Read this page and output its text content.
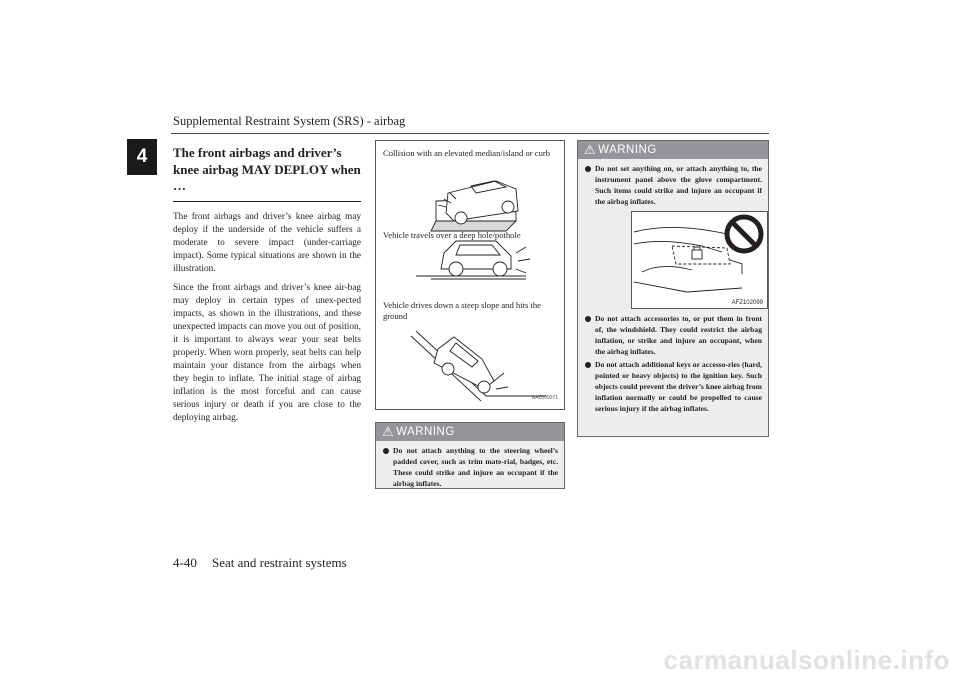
Supplemental Restraint System (SRS) - airbag
4	The front airbags and driver’s knee airbag MAY DEPLOY when …

The front airbags and driver’s knee airbag may deploy if the underside of the vehicle suffers a moderate to severe impact (under-carriage impact). Some typical situations are shown in the illustration.

Since the front airbags and driver’s knee air-bag may deploy in certain types of unex-pected impacts, as shown in the illustrations, and these unexpected impacts can move you out of position, it is important to always wear your seat belts properly. When worn properly, seat belts can help maintain your distance from the airbags when they begin to inflate. The initial stage of airbag inflation is the most forceful and can cause serious injury or death if you are close to the deploying airbag.

Collision with an elevated median/island or curb
Vehicle travels over a deep hole/pothole
Vehicle drives down a steep slope and hits the ground
AA2000071
⚠ WARNING
Do not attach anything to the steering wheel’s padded cover, such as trim mate-rial, badges, etc. These could strike and injure an occupant if the airbag inflates.
⚠ WARNING
Do not set anything on, or attach anything to, the instrument panel above the glove compartment. Such items could strike and injure an occupant if the airbag inflates.
AFZ102099
Do not attach accessories to, or put them in front of, the windshield. They could restrict the airbag inflation, or strike and injure an occupant, when the airbag inflates.
Do not attach additional keys or accesso-ries (hard, pointed or heavy objects) to the ignition key. Such objects could prevent the driver’s knee airbag from inflation normally or could be propelled to cause serious injury if the airbag inflates.
4-40 Seat and restraint systems
carmanualsonline.info
